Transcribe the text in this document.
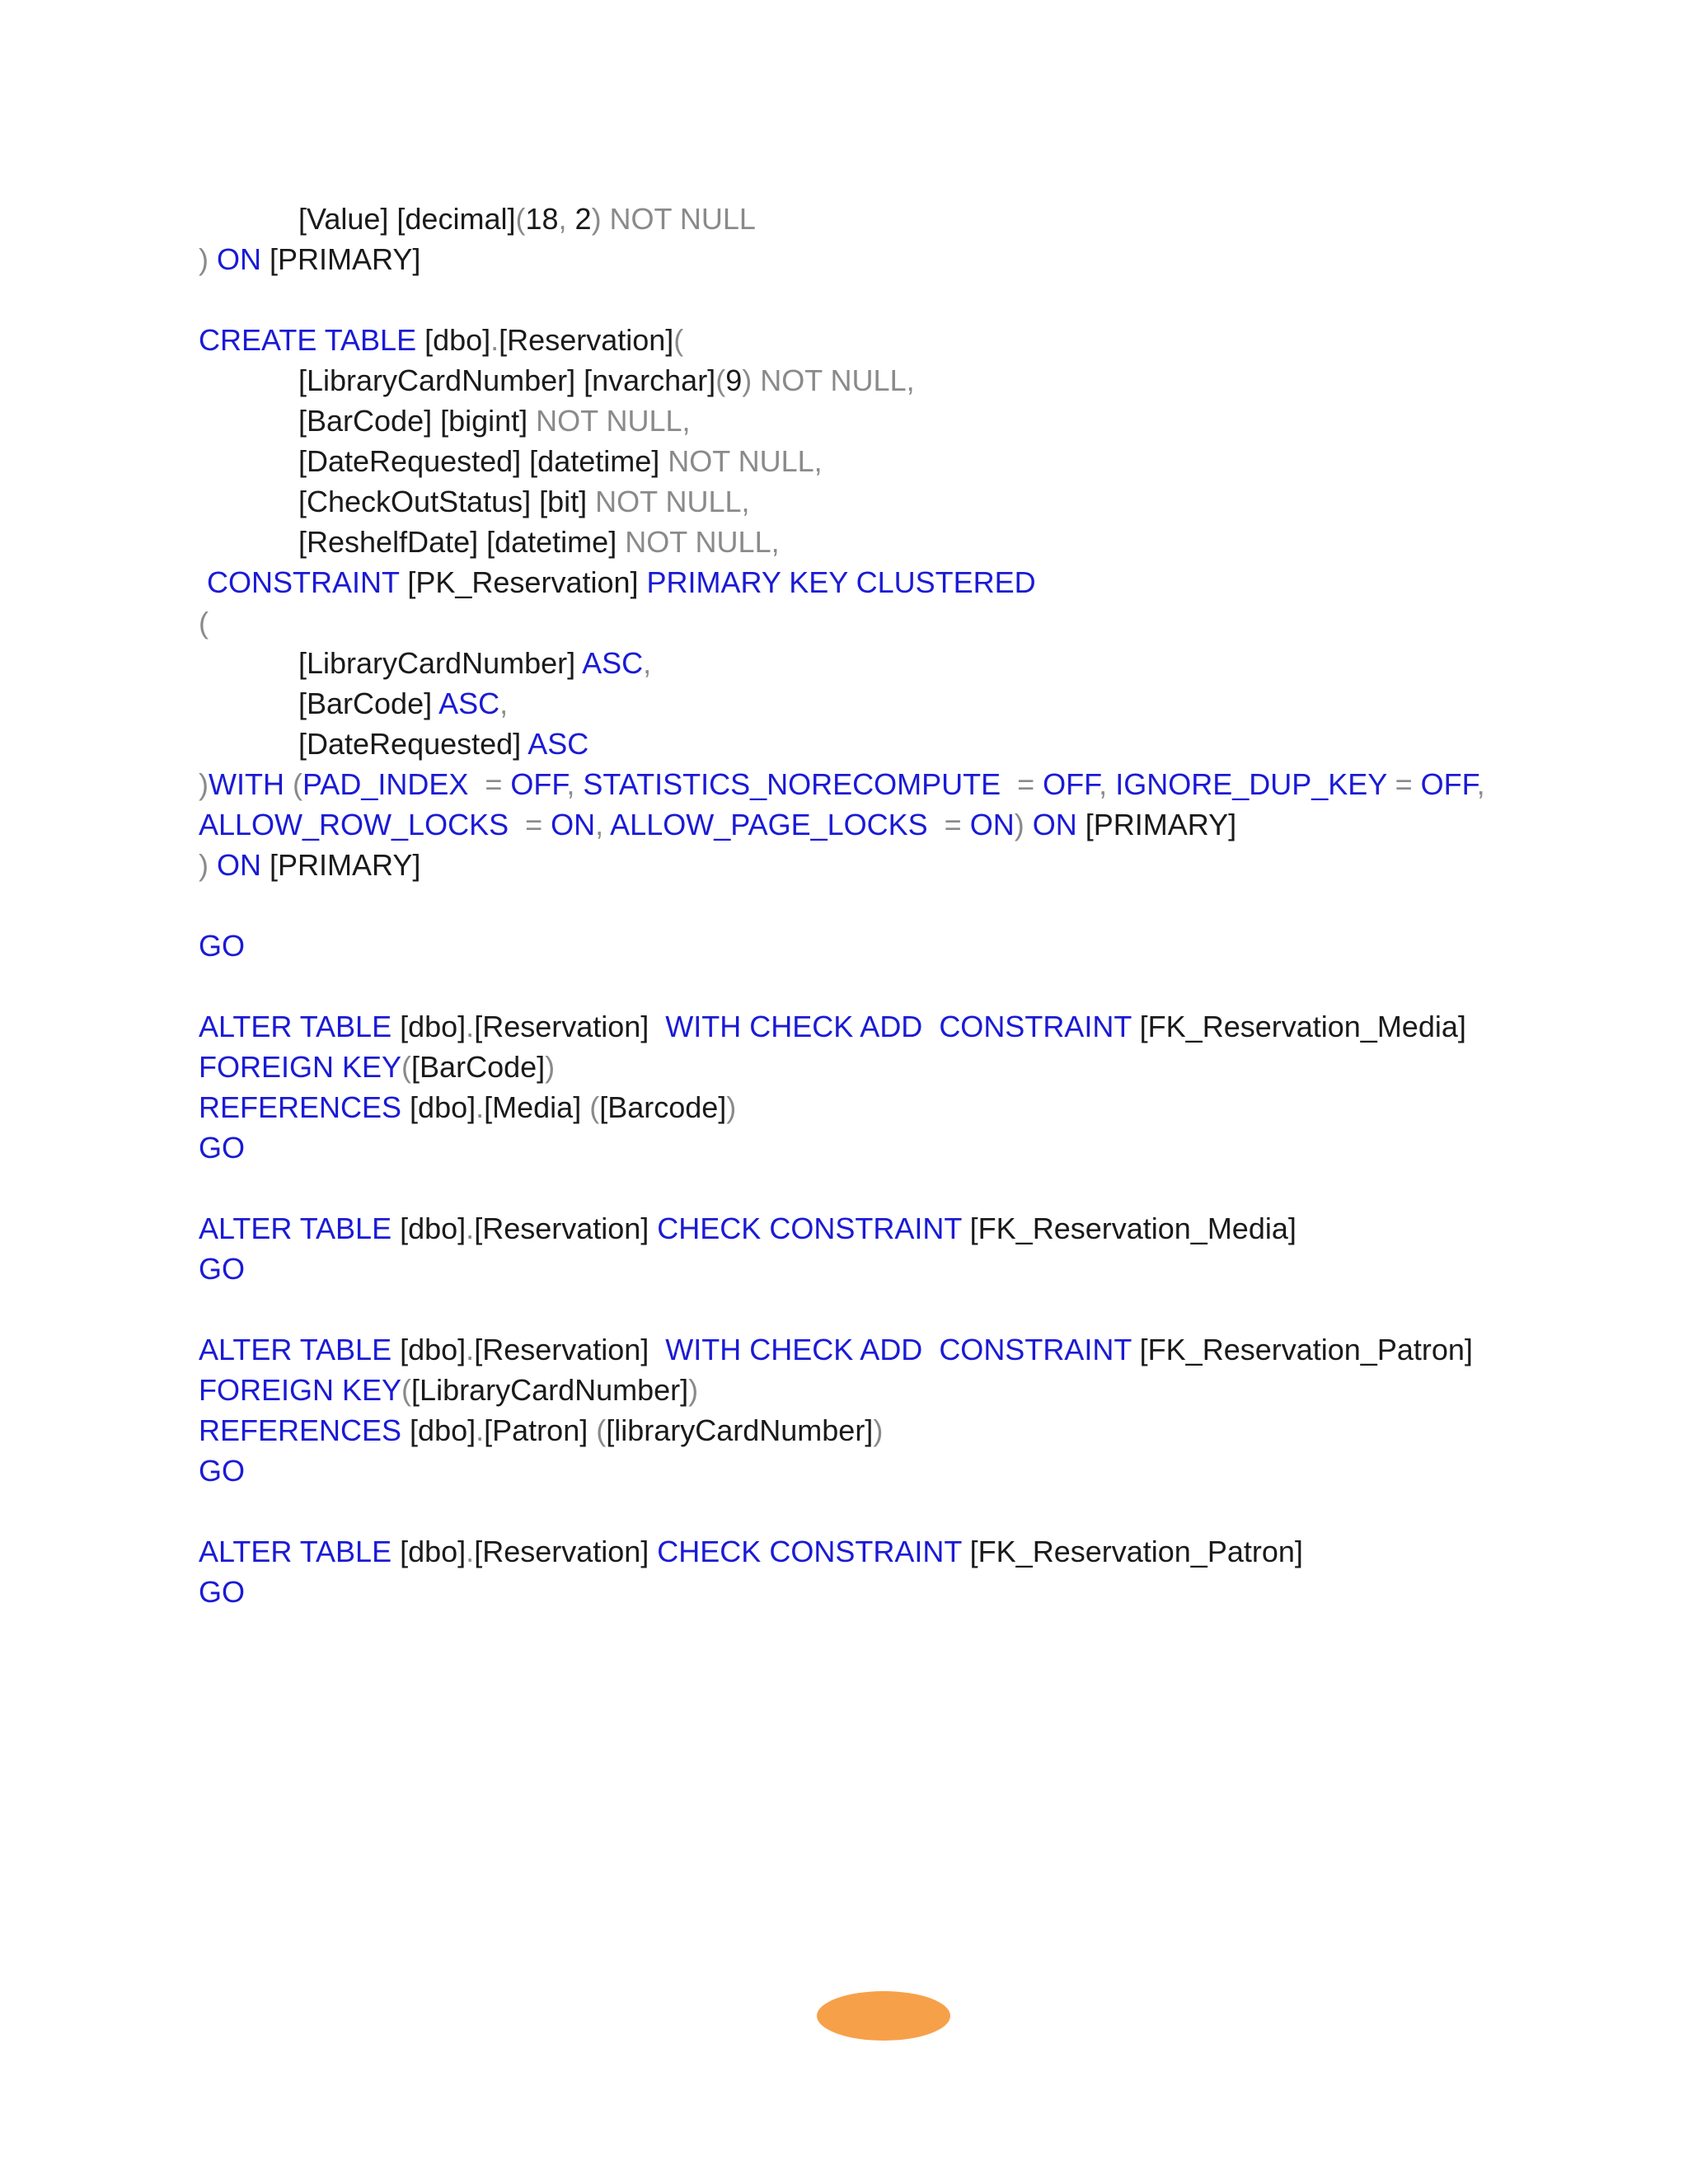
[Value] [decimal](18, 2) NOT NULL
) ON [PRIMARY]
CREATE TABLE [dbo].[Reservation](
[LibraryCardNumber] [nvarchar](9) NOT NULL,
[BarCode] [bigint] NOT NULL,
[DateRequested] [datetime] NOT NULL,
[CheckOutStatus] [bit] NOT NULL,
[ReshelfDate] [datetime] NOT NULL,
CONSTRAINT [PK_Reservation] PRIMARY KEY CLUSTERED
(
[LibraryCardNumber] ASC,
[BarCode] ASC,
[DateRequested] ASC
)WITH (PAD_INDEX  = OFF, STATISTICS_NORECOMPUTE  = OFF, IGNORE_DUP_KEY = OFF,
ALLOW_ROW_LOCKS  = ON, ALLOW_PAGE_LOCKS  = ON) ON [PRIMARY]
) ON [PRIMARY]
GO
ALTER TABLE [dbo].[Reservation]  WITH CHECK ADD  CONSTRAINT [FK_Reservation_Media]
FOREIGN KEY([BarCode])
REFERENCES [dbo].[Media] ([Barcode])
GO
ALTER TABLE [dbo].[Reservation] CHECK CONSTRAINT [FK_Reservation_Media]
GO
ALTER TABLE [dbo].[Reservation]  WITH CHECK ADD  CONSTRAINT [FK_Reservation_Patron]
FOREIGN KEY([LibraryCardNumber])
REFERENCES [dbo].[Patron] ([libraryCardNumber])
GO
ALTER TABLE [dbo].[Reservation] CHECK CONSTRAINT [FK_Reservation_Patron]
GO
